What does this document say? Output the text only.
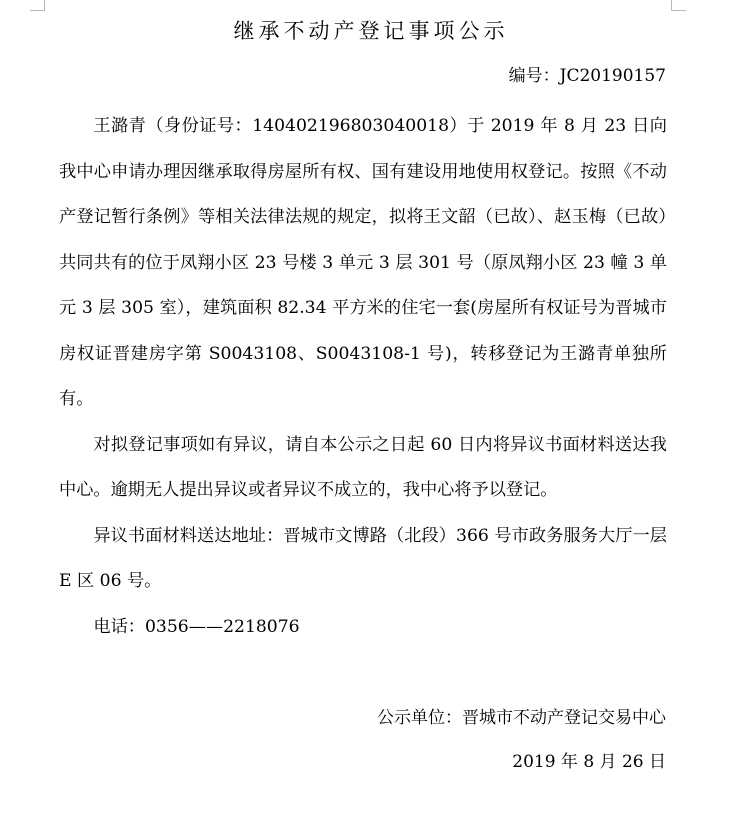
继承不动产登记事项公示
编号：JC20190157

王潞青（身份证号：140402196803040018）于 2019 年 8 月 23 日向我中心申请办理因继承取得房屋所有权、国有建设用地使用权登记。按照《不动产登记暂行条例》等相关法律法规的规定，拟将王文韶（已故）、赵玉梅（已故）共同共有的位于凤翔小区 23 号楼 3 单元 3 层 301 号（原凤翔小区 23 幢 3 单元 3 层 305 室），建筑面积 82.34 平方米的住宅一套(房屋所有权证号为晋城市房权证晋建房字第 S0043108、S0043108-1 号)，转移登记为王潞青单独所有。

对拟登记事项如有异议，请自本公示之日起 60 日内将异议书面材料送达我中心。逾期无人提出异议或者异议不成立的，我中心将予以登记。

异议书面材料送达地址：晋城市文博路（北段）366 号市政务服务大厅一层 E 区 06 号。

电话：0356——2218076

公示单位：晋城市不动产登记交易中心
2019 年 8 月 26 日
